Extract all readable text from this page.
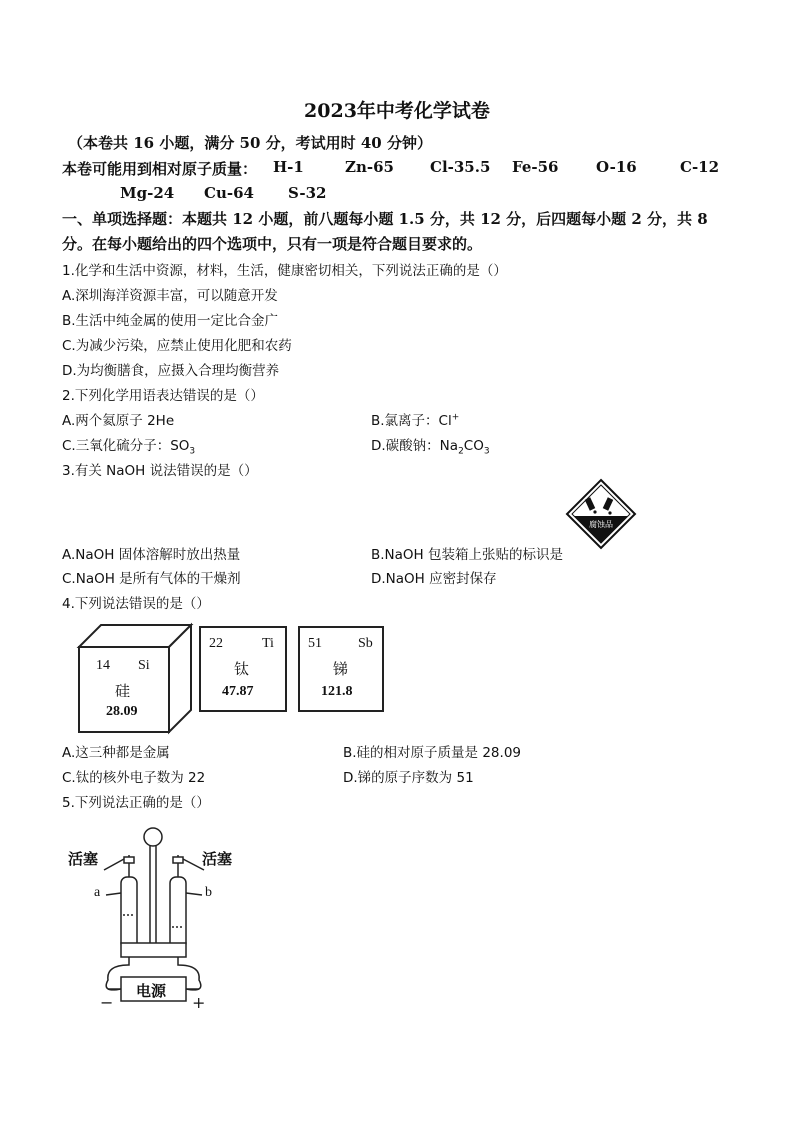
2023年中考化学试卷
（本卷共 16 小题，满分 50 分，考试用时 40 分钟）
本卷可能用到相对原子质量： H-1	Zn-65 Cl-35.5 Fe-56	O-16	C-12
Mg-24 Cu-64 S-32
一、单项选择题：本题共 12 小题，前八题每小题 1.5 分，共 12 分，后四题每小题 2 分，共 8
分。在每小题给出的四个选项中，只有一项是符合题目要求的。
1.化学和生活中资源，材料，生活，健康密切相关，下列说法正确的是（）
A.深圳海洋资源丰富，可以随意开发
B.生活中纯金属的使用一定比合金广
C.为减少污染，应禁止使用化肥和农药
D.为均衡膳食，应摄入合理均衡营养
2.下列化学用语表达错误的是（）
A.两个氦原子 2He	B.氯离子：Cl+
C.三氧化硫分子：$SO_3$	D.碳酸钠：$Na_2CO_3$
3.有关 NaOH 说法错误的是（）
腐蚀品
A.NaOH 固体溶解时放出热量	B.NaOH 包装箱上张贴的标识是
C.NaOH 是所有气体的干燥剂	D.NaOH 应密封保存
4.下列说法错误的是（）
14 Si
硅
28.09
22	Ti
钛
47.87
51	Sb
锑
121.8
A.这三种都是金属	B.硅的相对原子质量是 28.09
C.钛的核外电子数为 22	D.锑的原子序数为 51
5.下列说法正确的是（）
活塞	活塞
a	b
电源
−	+
